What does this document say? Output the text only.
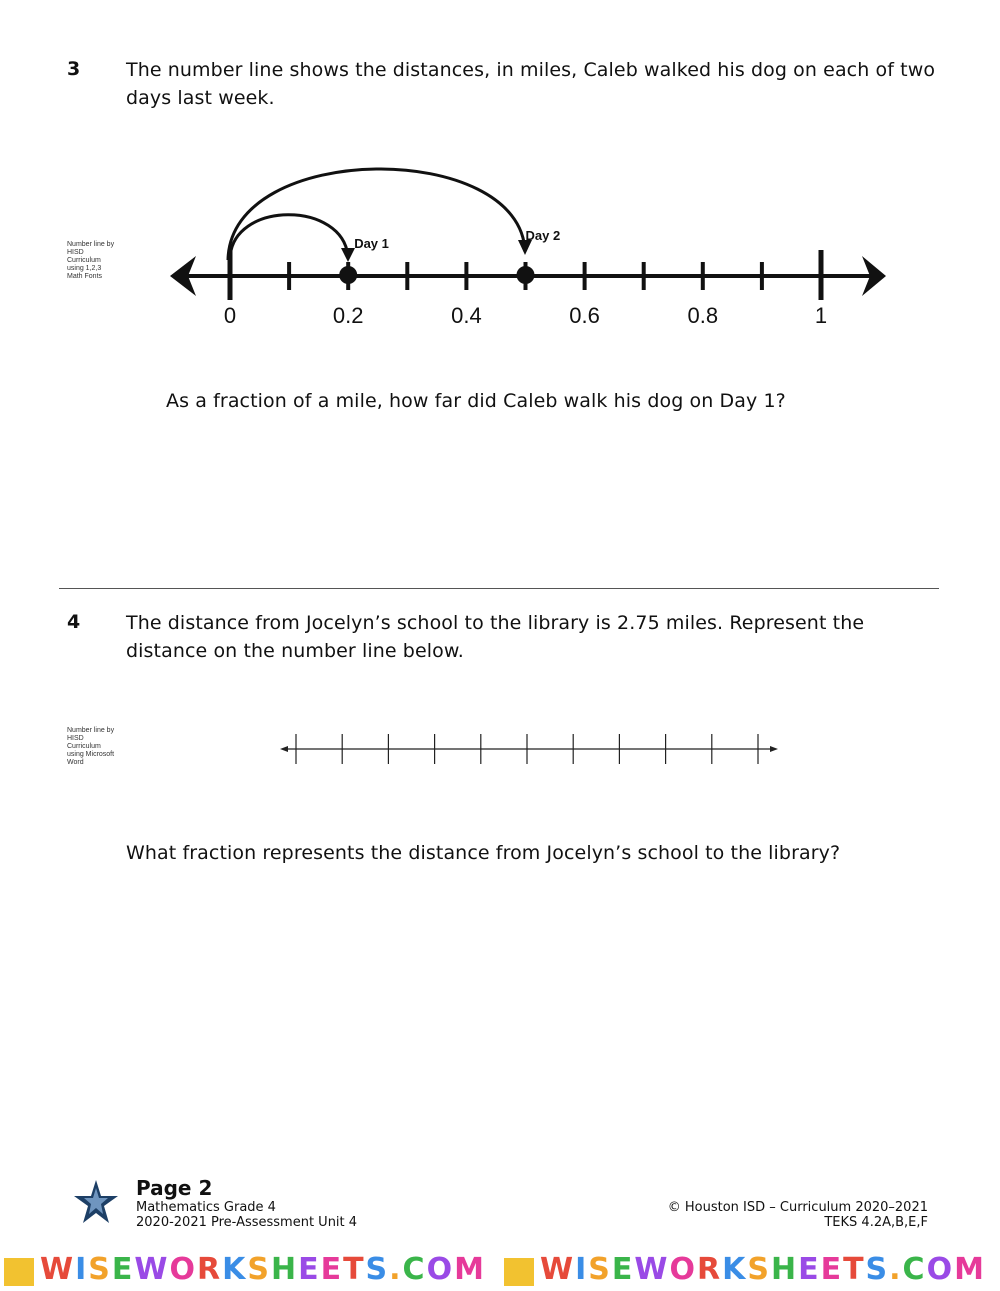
3 The number line shows the distances, in miles, Caleb walked his dog on each of two days last week.
Number line by HISD Curriculum using 1,2,3 Math Fonts
0	0.2	0.4	0.6	0.8	1
Day 1
Day 2
As a fraction of a mile, how far did Caleb walk his dog on Day 1?
4 The distance from Jocelyn’s school to the library is 2.75 miles. Represent the distance on the number line below.
Number line by HISD Curriculum using Microsoft Word
What fraction represents the distance from Jocelyn’s school to the library?
Page 2
Mathematics Grade 4
2020-2021 Pre-Assessment Unit 4
© Houston ISD – Curriculum 2020–2021
TEKS 4.2A,B,E,F
WISEWORKSHEETS.COM WISEWORKSHEETS.COM
